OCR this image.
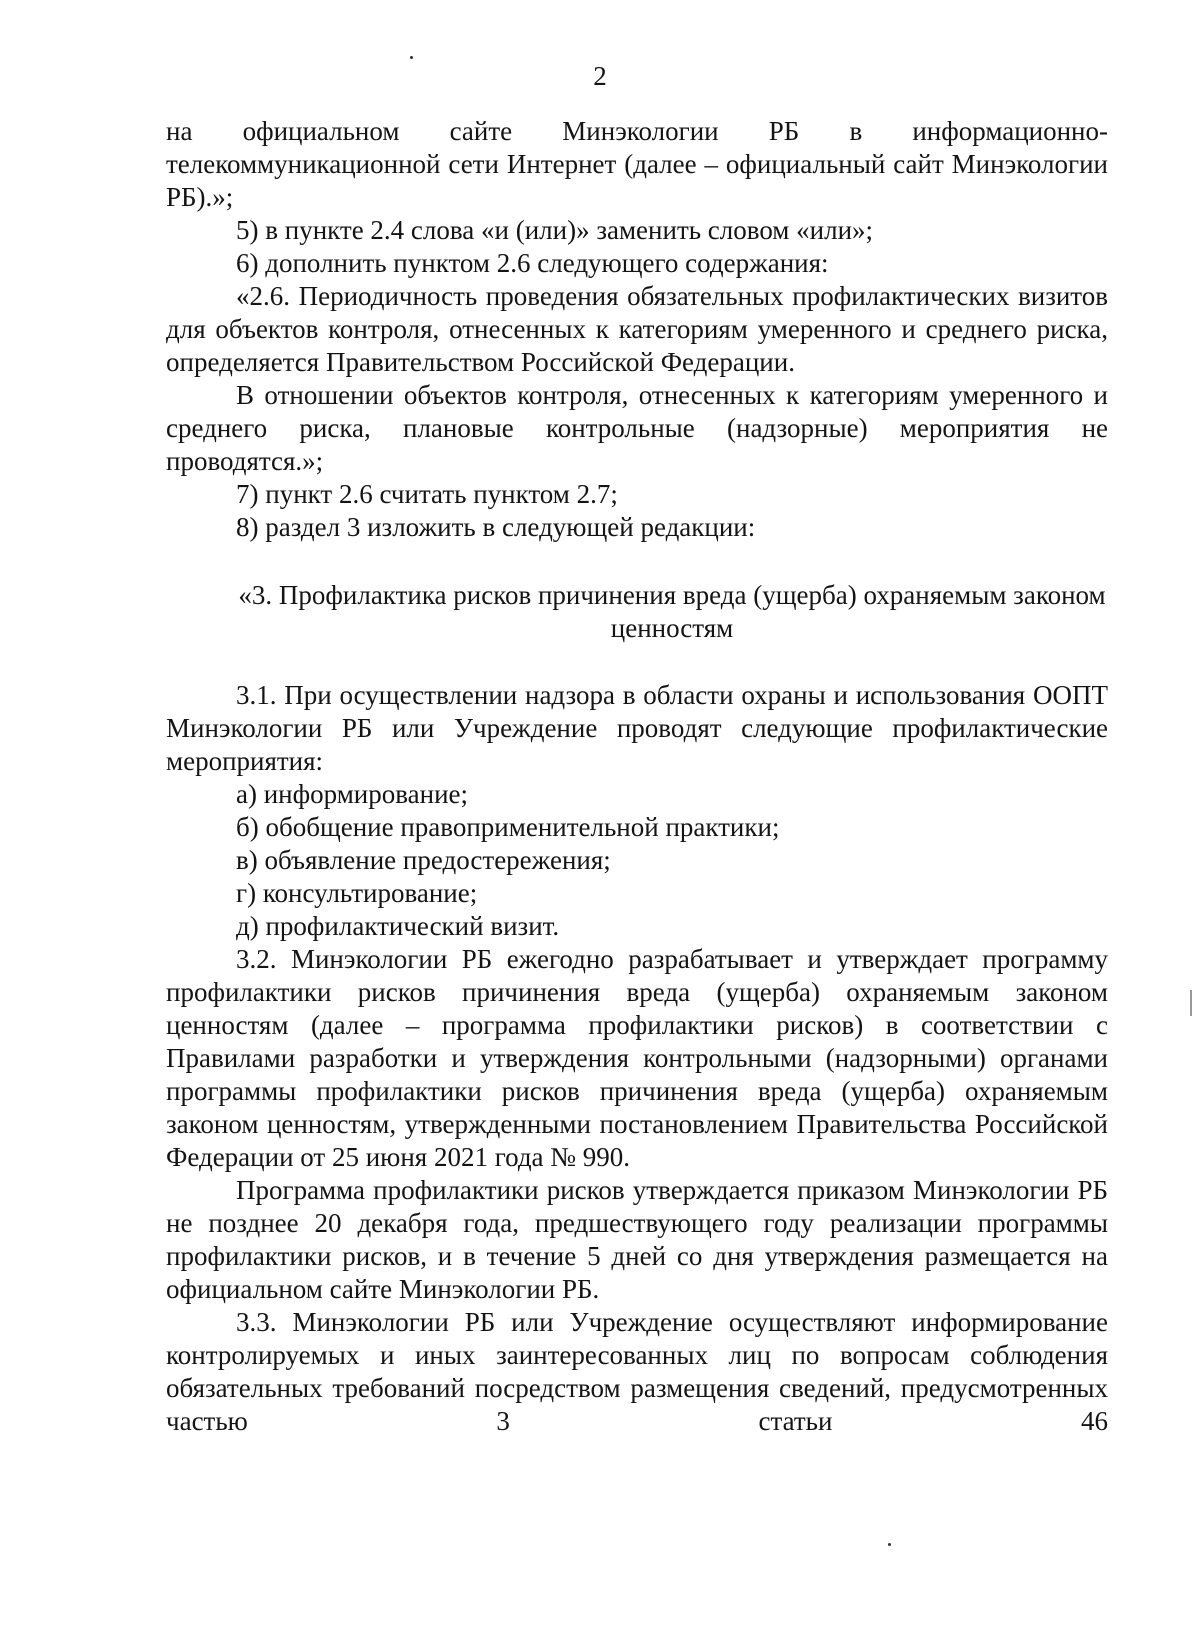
2

на официальном сайте Минэкологии РБ в информационно-телекоммуникационной сети Интернет (далее – официальный сайт Минэкологии РБ).»;

5) в пункте 2.4 слова «и (или)» заменить словом «или»;

6) дополнить пунктом 2.6 следующего содержания:

«2.6. Периодичность проведения обязательных профилактических визитов для объектов контроля, отнесенных к категориям умеренного и среднего риска, определяется Правительством Российской Федерации.

В отношении объектов контроля, отнесенных к категориям умеренного и среднего риска, плановые контрольные (надзорные) мероприятия не проводятся.»;

7) пункт 2.6 считать пунктом 2.7;

8) раздел 3 изложить в следующей редакции:

«3. Профилактика рисков причинения вреда (ущерба) охраняемым законом ценностям

3.1. При осуществлении надзора в области охраны и использования ООПТ Минэкологии РБ или Учреждение проводят следующие профилактические мероприятия:

а) информирование;

б) обобщение правоприменительной практики;

в) объявление предостережения;

г) консультирование;

д) профилактический визит.

3.2. Минэкологии РБ ежегодно разрабатывает и утверждает программу профилактики рисков причинения вреда (ущерба) охраняемым законом ценностям (далее – программа профилактики рисков) в соответствии с Правилами разработки и утверждения контрольными (надзорными) органами программы профилактики рисков причинения вреда (ущерба) охраняемым законом ценностям, утвержденными постановлением Правительства Российской Федерации от 25 июня 2021 года № 990.

Программа профилактики рисков утверждается приказом Минэкологии РБ не позднее 20 декабря года, предшествующего году реализации программы профилактики рисков, и в течение 5 дней со дня утверждения размещается на официальном сайте Минэкологии РБ.

3.3. Минэкологии РБ или Учреждение осуществляют информирование контролируемых и иных заинтересованных лиц по вопросам соблюдения обязательных требований посредством размещения сведений, предусмотренных частью 3 статьи 46
